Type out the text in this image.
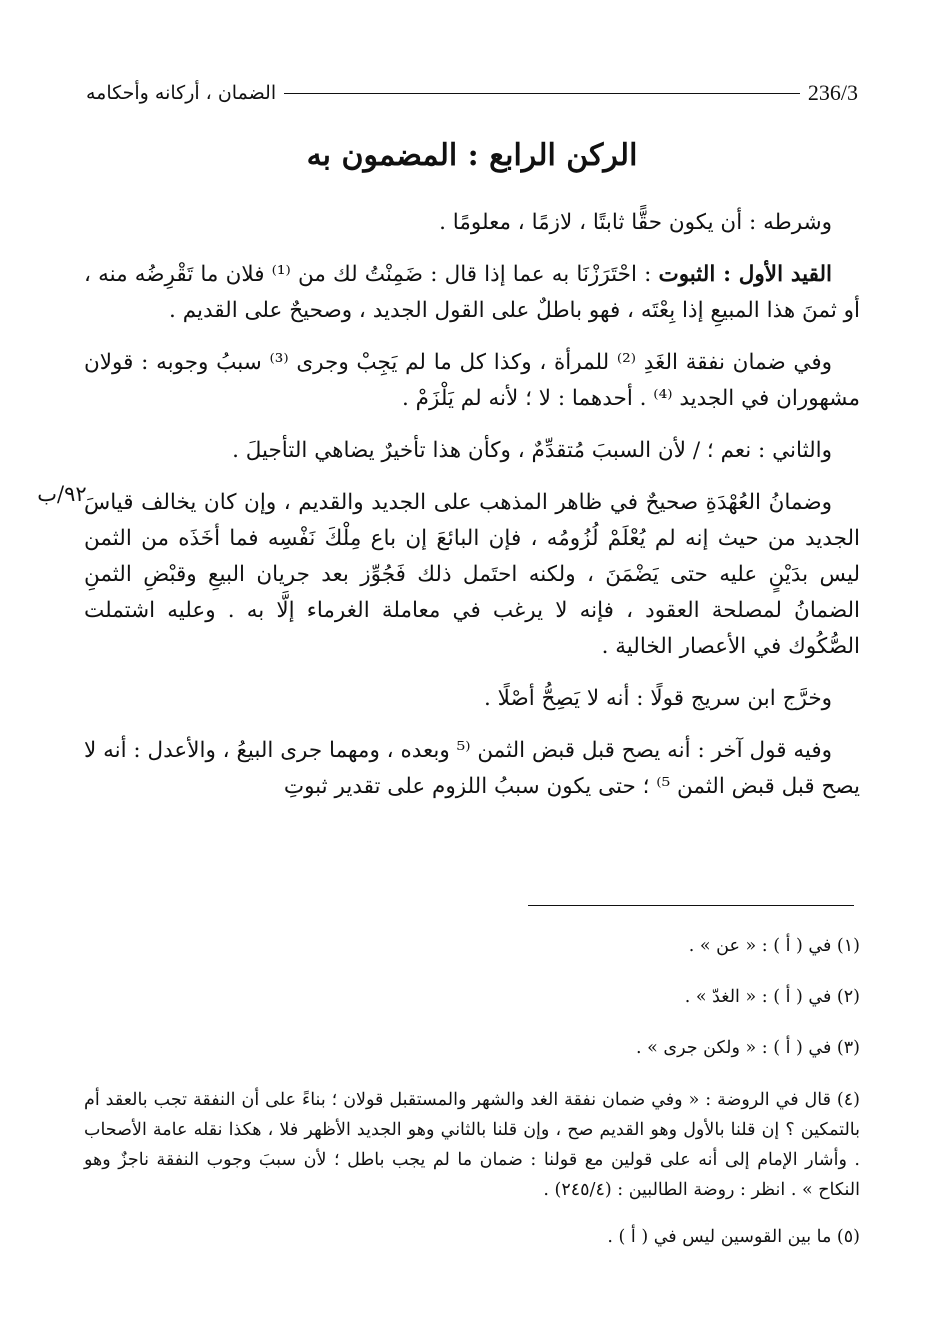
الضمان ، أركانه وأحكامه	236/3
الركن الرابع : المضمون به

وشرطه : أن يكون حقًّا ثابتًا ، لازمًا ، معلومًا .

القيد الأول : الثبوت : احْتَرَزْنَا به عما إذا قال : ضَمِنْتُ لك من ⁽¹⁾ فلان ما تَقْرِضُه منه ، أو ثمنَ هذا المبيعِ إذا بِعْتَه ، فهو باطلٌ على القول الجديد ، وصحيحٌ على القديم .

وفي ضمان نفقة الغَدِ ⁽²⁾ للمرأة ، وكذا كل ما لم يَجِبْ وجرى ⁽³⁾ سببُ وجوبه : قولان مشهوران في الجديد ⁽⁴⁾ . أحدهما : لا ؛ لأنه لم يَلْزَمْ .

والثاني : نعم ؛ / لأن السببَ مُتقدِّمٌ ، وكأن هذا تأخيرٌ يضاهي التأجيلَ .

وضمانُ العُهْدَةِ صحيحٌ في ظاهر المذهب على الجديد والقديم ، وإن كان يخالف قياسَ الجديد من حيث إنه لم يُعْلَمْ لُزُومُه ، فإن البائعَ إن باع مِلْكَ نَفْسِه فما أخَذَه من الثمن ليس بدَيْنٍ عليه حتى يَضْمَنَ ، ولكنه احتَمل ذلك فَجُوِّز بعد جريان البيعِ وقبْضِ الثمنِ الضمانُ لمصلحة العقود ، فإنه لا يرغب في معاملة الغرماء إلَّا به . وعليه اشتملت الصُّكُوك في الأعصار الخالية .

وخرَّج ابن سريج قولًا : أنه لا يَصِحُّ أصْلًا .

وفيه قول آخر : أنه يصح قبل قبض الثمن ⁽⁵ وبعده ، ومهما جرى البيعُ ، والأعدل : أنه لا يصح قبل قبض الثمن ⁵⁾ ؛ حتى يكون سببُ اللزوم على تقدير ثبوتِ

٩٢/ب

(١) في ( أ ) : « عن » .

(٢) في ( أ ) : « الغدّ » .

(٣) في ( أ ) : « ولكن جرى » .

(٤) قال في الروضة : « وفي ضمان نفقة الغد والشهر والمستقبل قولان ؛ بناءً على أن النفقة تجب بالعقد أم بالتمكين ؟ إن قلنا بالأول وهو القديم صح ، وإن قلنا بالثاني وهو الجديد الأظهر فلا ، هكذا نقله عامة الأصحاب . وأشار الإمام إلى أنه على قولين مع قولنا : ضمان ما لم يجب باطل ؛ لأن سببَ وجوب النفقة ناجزٌ وهو النكاح » . انظر : روضة الطالبين : (٢٤٥/٤) .

(٥) ما بين القوسين ليس في ( أ ) .
